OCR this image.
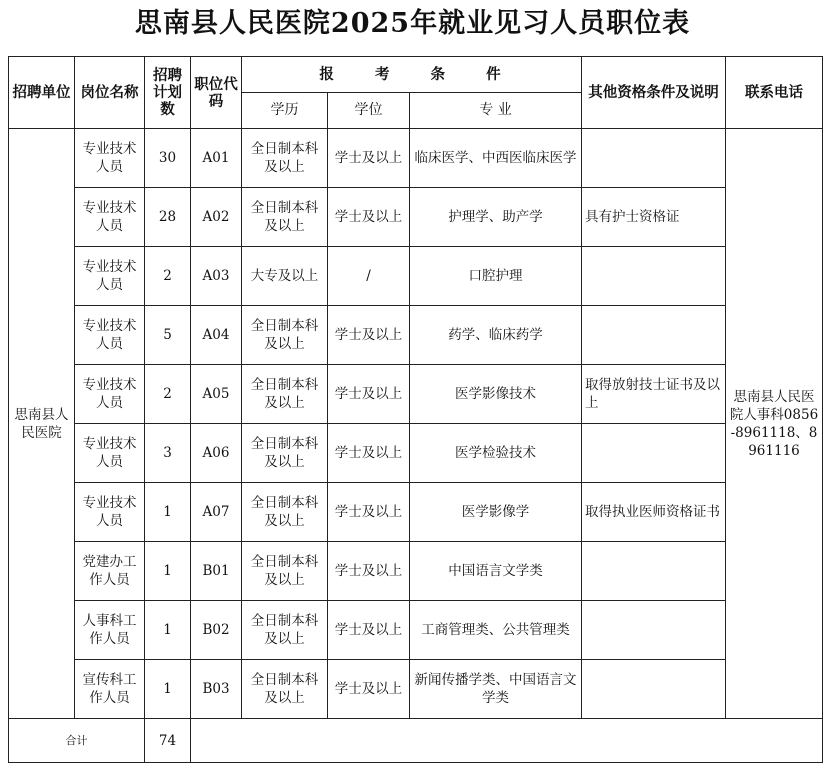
思南县人民医院2025年就业见习人员职位表
招聘单位	岗位名称	招聘计划数	职位代码	报 考 条 件			其他资格条件及说明	联系电话
				学历	学位	专 业		
思南县人民医院	专业技术人员	30	A01	全日制本科及以上	学士及以上	临床医学、中西医临床医学		思南县人民医院人事科0856-8961118、8961116
	专业技术人员	28	A02	全日制本科及以上	学士及以上	护理学、助产学	具有护士资格证	
	专业技术人员	2	A03	大专及以上	/	口腔护理		
	专业技术人员	5	A04	全日制本科及以上	学士及以上	药学、临床药学		
	专业技术人员	2	A05	全日制本科及以上	学士及以上	医学影像技术	取得放射技士证书及以上	
	专业技术人员	3	A06	全日制本科及以上	学士及以上	医学检验技术		
	专业技术人员	1	A07	全日制本科及以上	学士及以上	医学影像学	取得执业医师资格证书	
	党建办工作人员	1	B01	全日制本科及以上	学士及以上	中国语言文学类		
	人事科工作人员	1	B02	全日制本科及以上	学士及以上	工商管理类、公共管理类		
	宣传科工作人员	1	B03	全日制本科及以上	学士及以上	新闻传播学类、中国语言文学类		
合计		74						
